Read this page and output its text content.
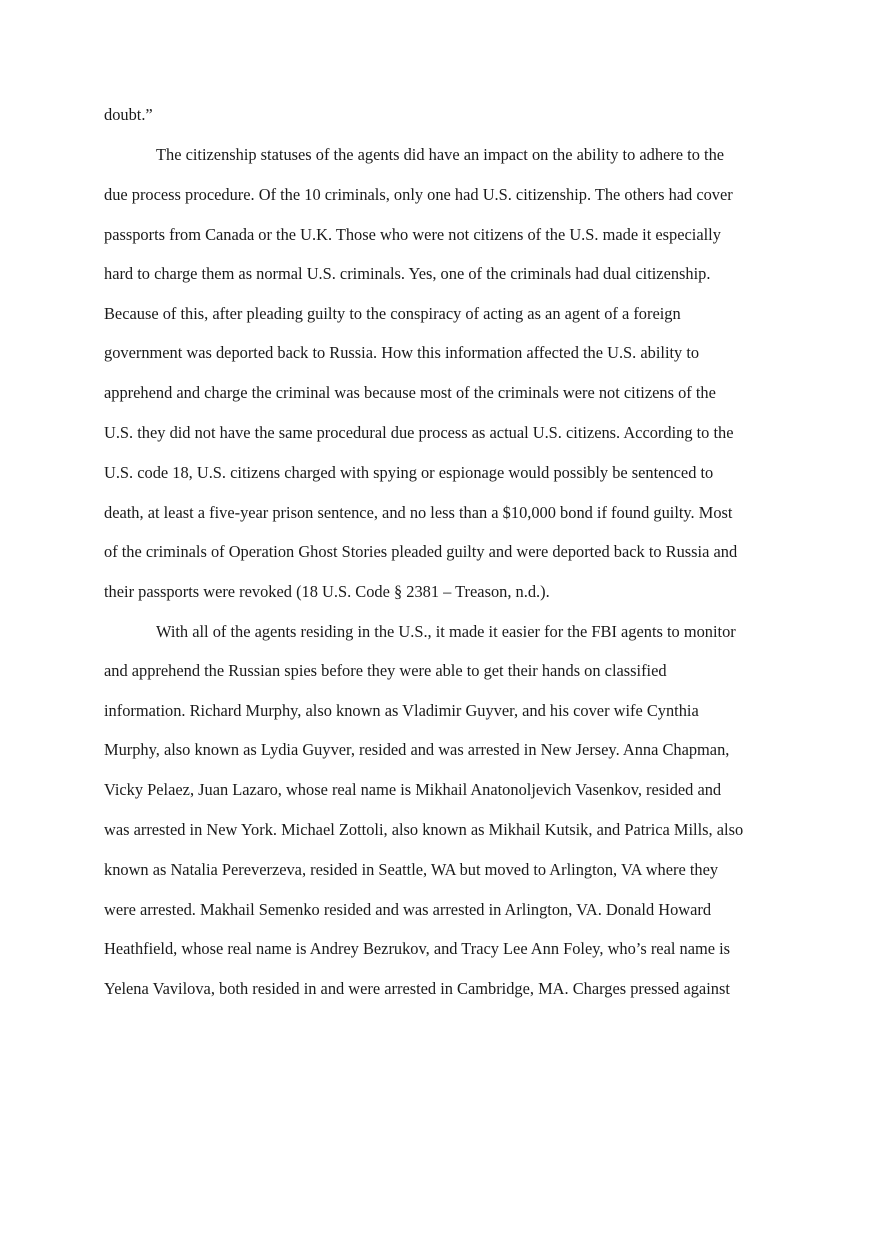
doubt.”
The citizenship statuses of the agents did have an impact on the ability to adhere to the
due process procedure. Of the 10 criminals, only one had U.S. citizenship. The others had cover
passports from Canada or the U.K. Those who were not citizens of the U.S. made it especially
hard to charge them as normal U.S. criminals. Yes, one of the criminals had dual citizenship.
Because of this, after pleading guilty to the conspiracy of acting as an agent of a foreign
government was deported back to Russia. How this information affected the U.S. ability to
apprehend and charge the criminal was because most of the criminals were not citizens of the
U.S. they did not have the same procedural due process as actual U.S. citizens. According to the
U.S. code 18, U.S. citizens charged with spying or espionage would possibly be sentenced to
death, at least a five-year prison sentence, and no less than a $10,000 bond if found guilty. Most
of the criminals of Operation Ghost Stories pleaded guilty and were deported back to Russia and
their passports were revoked (18 U.S. Code § 2381 – Treason, n.d.).
With all of the agents residing in the U.S., it made it easier for the FBI agents to monitor
and apprehend the Russian spies before they were able to get their hands on classified
information. Richard Murphy, also known as Vladimir Guyver, and his cover wife Cynthia
Murphy, also known as Lydia Guyver, resided and was arrested in New Jersey. Anna Chapman,
Vicky Pelaez, Juan Lazaro, whose real name is Mikhail Anatonoljevich Vasenkov, resided and
was arrested in New York. Michael Zottoli, also known as Mikhail Kutsik, and Patrica Mills, also
known as Natalia Pereverzeva, resided in Seattle, WA but moved to Arlington, VA where they
were arrested. Makhail Semenko resided and was arrested in Arlington, VA. Donald Howard
Heathfield, whose real name is Andrey Bezrukov, and Tracy Lee Ann Foley, who’s real name is
Yelena Vavilova, both resided in and were arrested in Cambridge, MA. Charges pressed against
